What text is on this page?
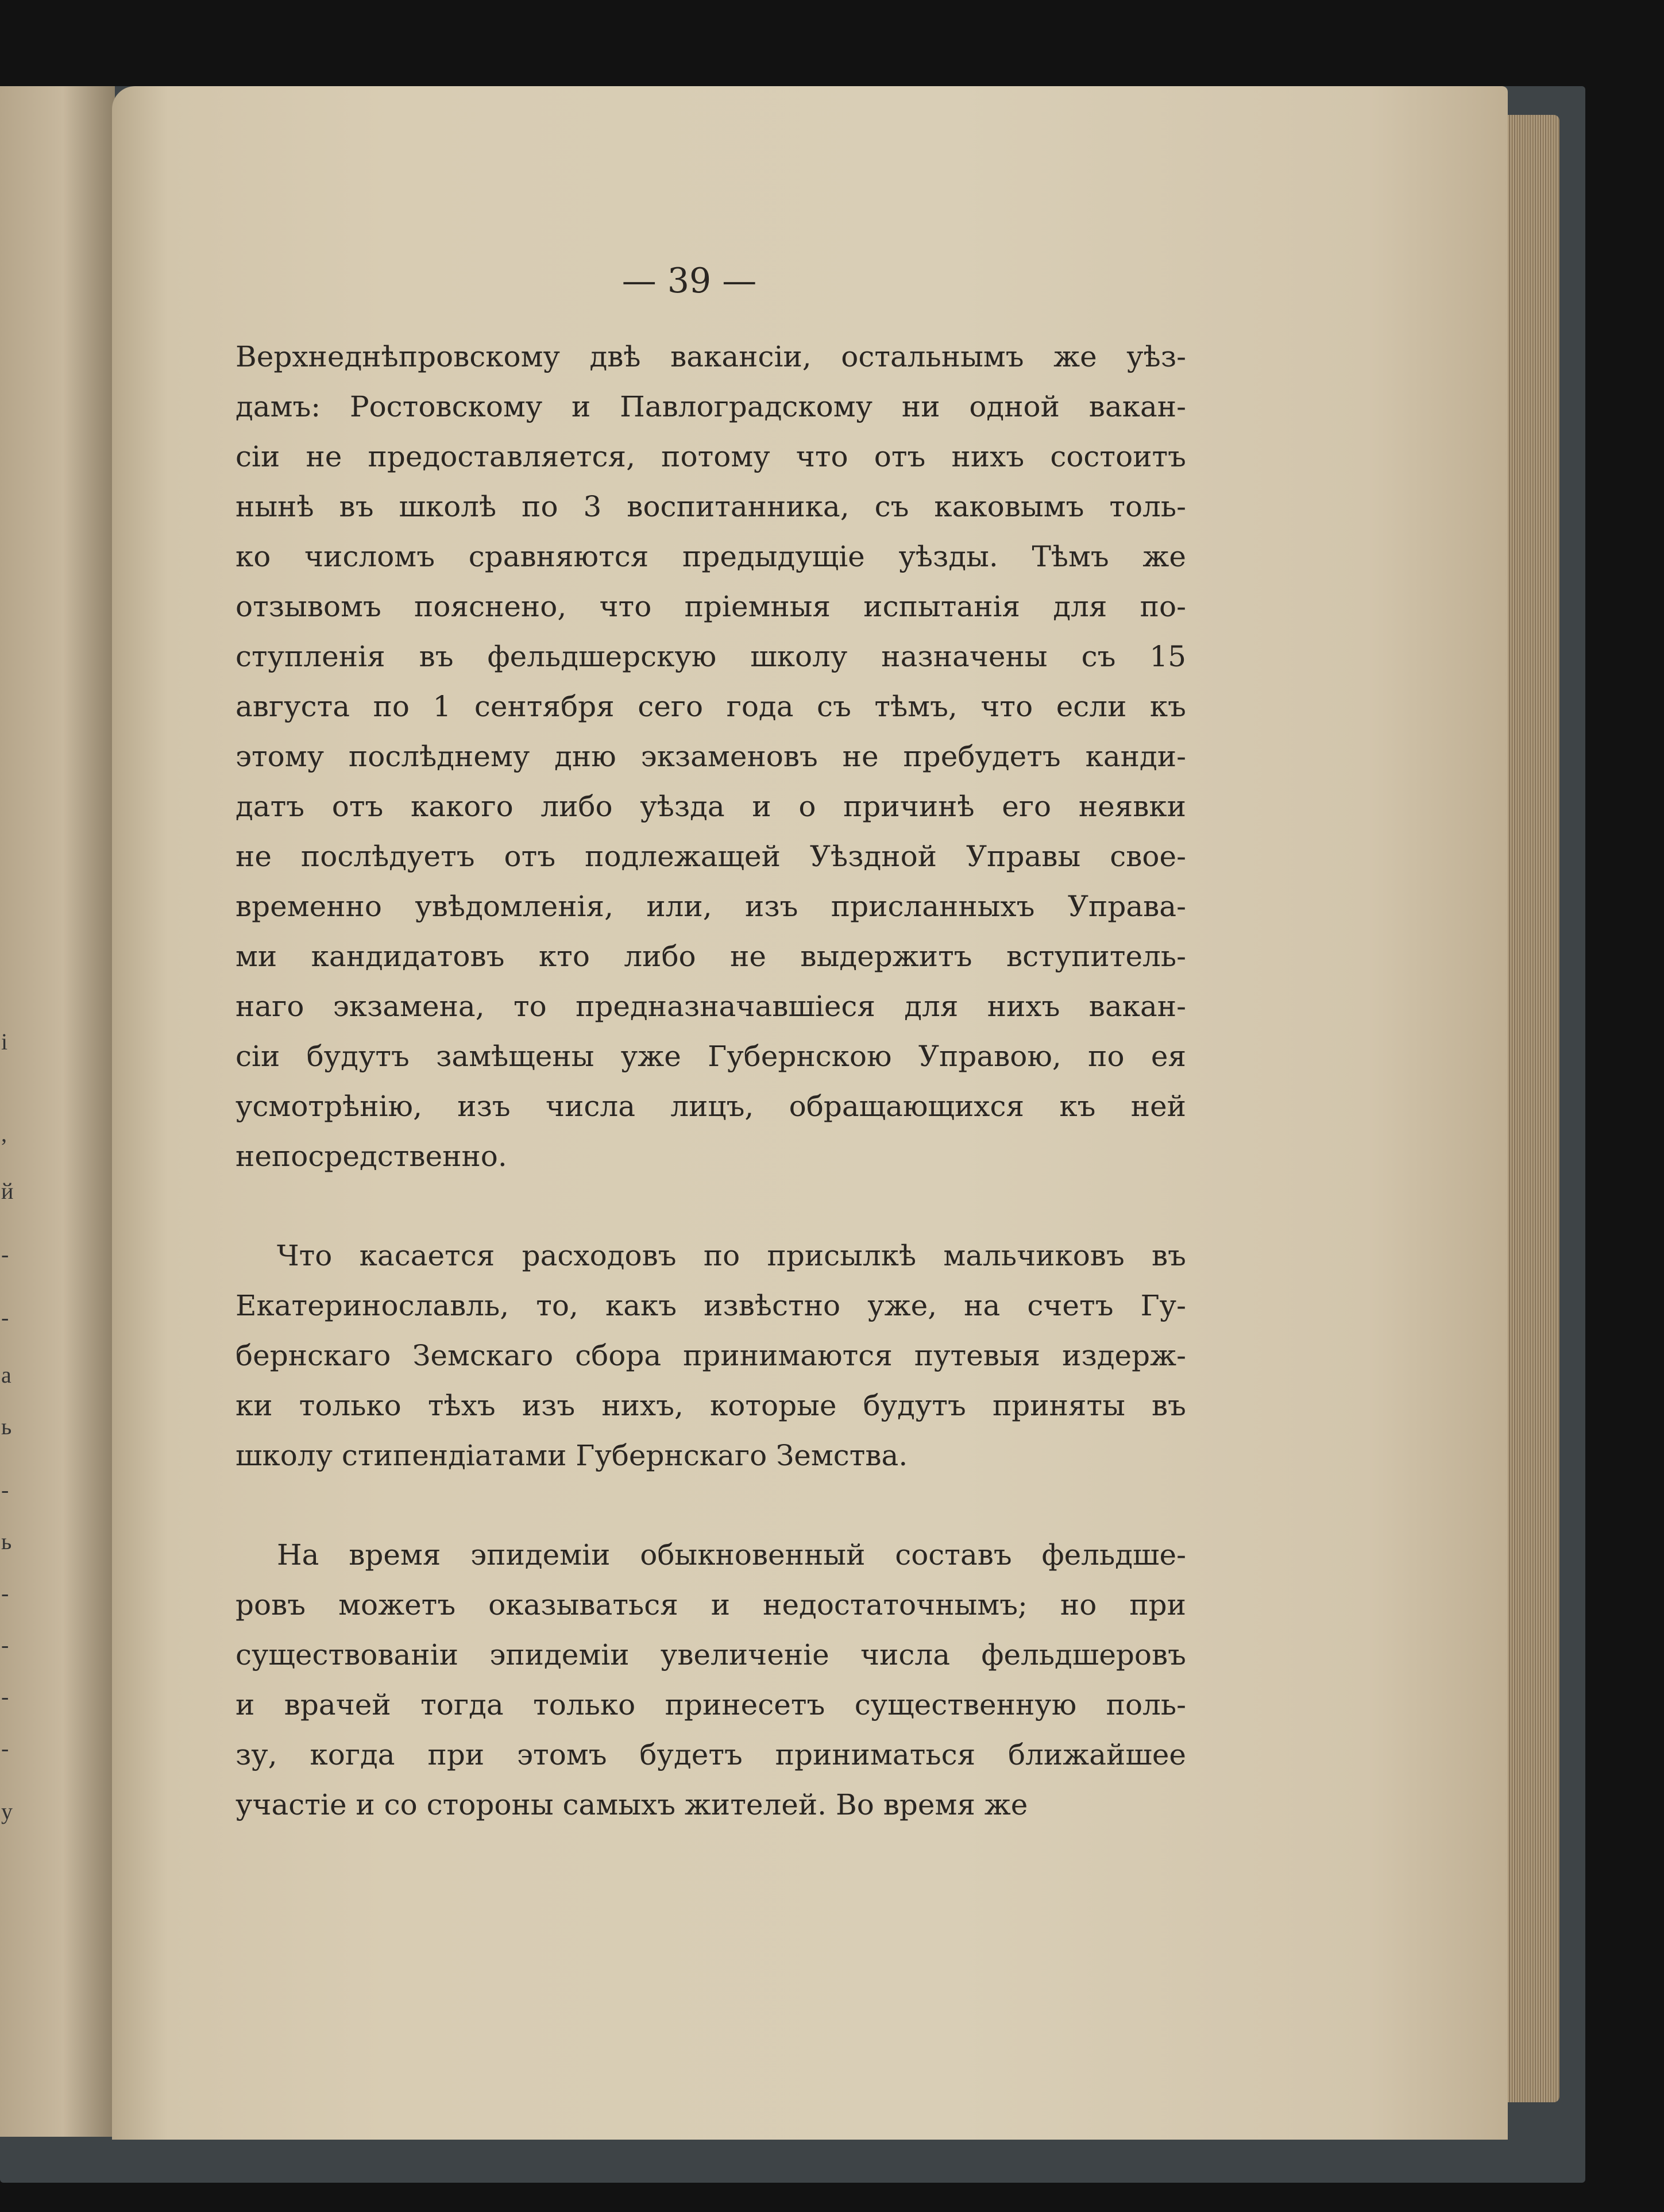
і
,
й
-
-
а
ь
-
ь
-
-
-
-
у

— 39 —

Верхнеднѣпровскому двѣ вакансіи, остальнымъ же уѣз-
дамъ: Ростовскому и Павлоградскому ни одной вакан-
сіи не предоставляется, потому что отъ нихъ состоитъ
нынѣ въ школѣ по 3 воспитанника, съ каковымъ толь-
ко числомъ сравняются предыдущіе уѣзды. Тѣмъ же
отзывомъ пояснено, что пріемныя испытанія для по-
ступленія въ фельдшерскую школу назначены съ 15
августа по 1 сентября сего года съ тѣмъ, что если къ
этому послѣднему дню экзаменовъ не пребудетъ канди-
датъ отъ какого либо уѣзда и о причинѣ его неявки
не послѣдуетъ отъ подлежащей Уѣздной Управы свое-
временно увѣдомленія, или, изъ присланныхъ Управа-
ми кандидатовъ кто либо не выдержитъ вступитель-
наго экзамена, то предназначавшіеся для нихъ вакан-
сіи будутъ замѣщены уже Губернскою Управою, по ея
усмотрѣнію, изъ числа лицъ, обращающихся къ ней
непосредственно.
Что касается расходовъ по присылкѣ мальчиковъ въ
Екатеринославль, то, какъ извѣстно уже, на счетъ Гу-
бернскаго Земскаго сбора принимаются путевыя издерж-
ки только тѣхъ изъ нихъ, которые будутъ приняты въ
школу стипендіатами Губернскаго Земства.
На время эпидеміи обыкновенный составъ фельдше-
ровъ можетъ оказываться и недостаточнымъ; но при
существованіи эпидеміи увеличеніе числа фельдшеровъ
и врачей тогда только принесетъ существенную поль-
зу, когда при этомъ будетъ приниматься ближайшее
участіе и со стороны самыхъ жителей. Во время же
